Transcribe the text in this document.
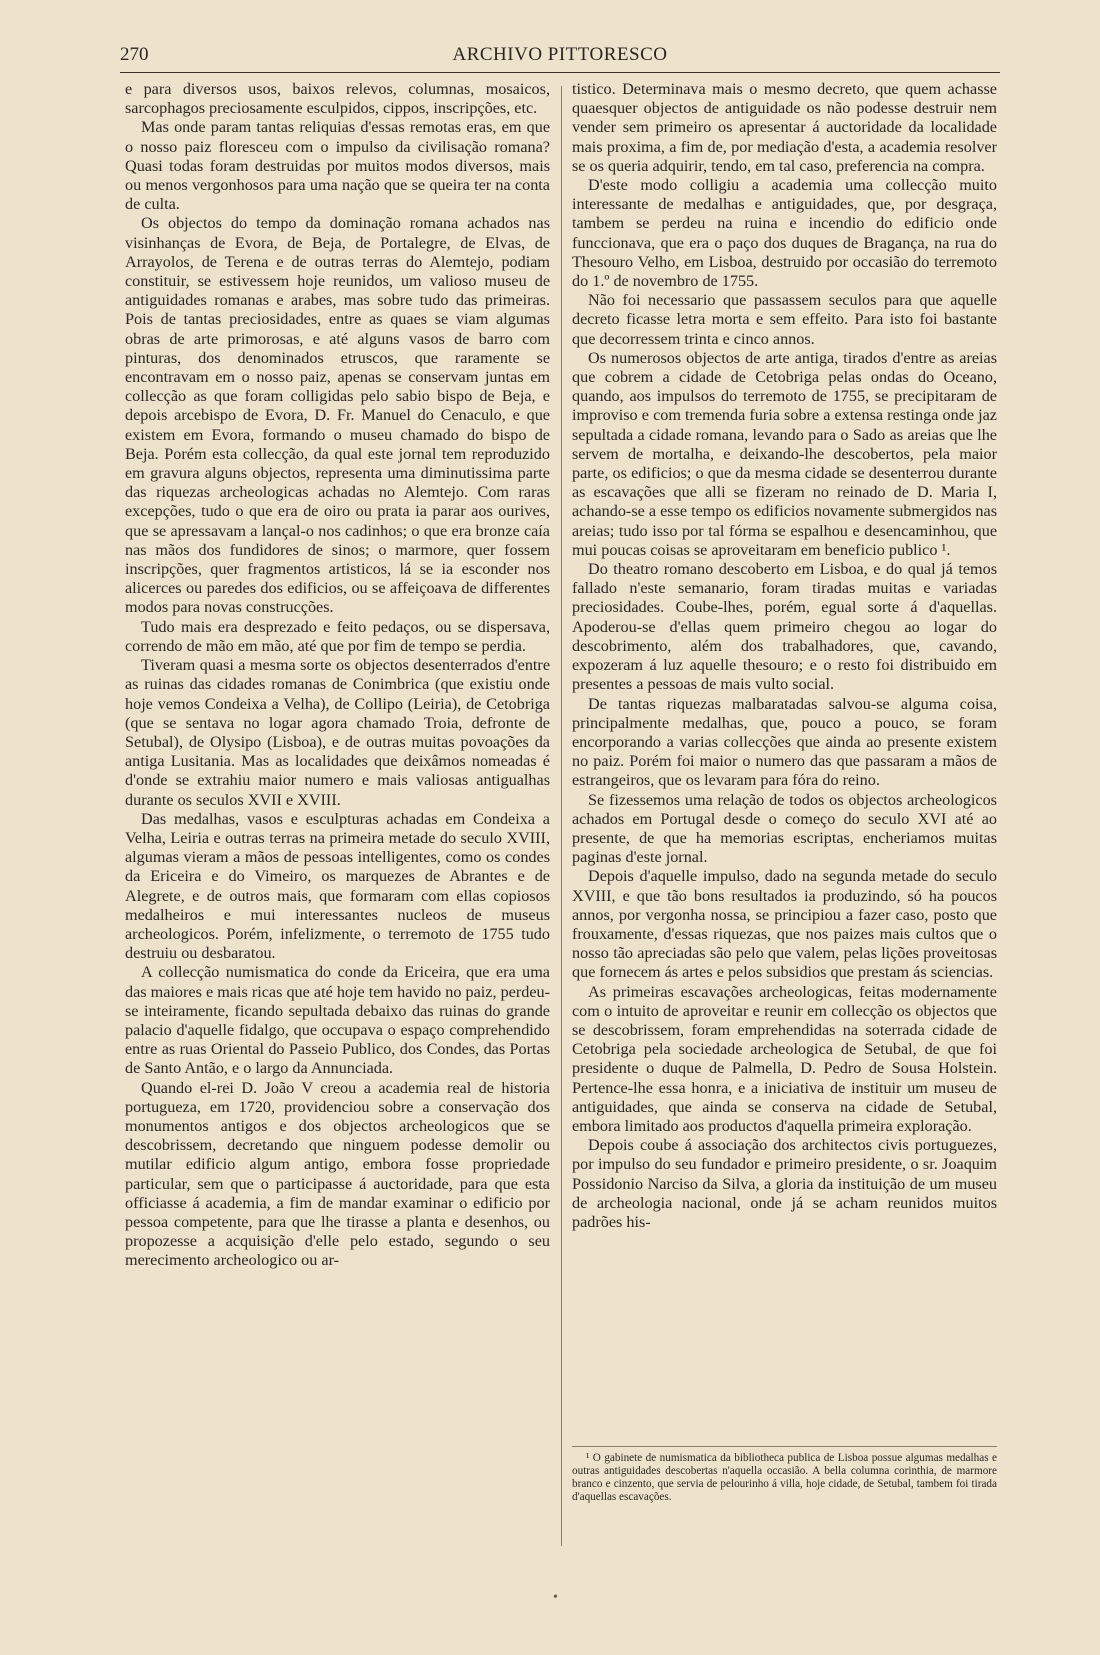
270	ARCHIVO PITTORESCO

e para diversos usos, baixos relevos, columnas, mosaicos, sarcophagos preciosamente esculpidos, cippos, inscripções, etc.

Mas onde param tantas reliquias d'essas remotas eras, em que o nosso paiz floresceu com o impulso da civilisação romana? Quasi todas foram destruidas por muitos modos diversos, mais ou menos vergonhosos para uma nação que se queira ter na conta de culta.

Os objectos do tempo da dominação romana achados nas visinhanças de Evora, de Beja, de Portalegre, de Elvas, de Arrayolos, de Terena e de outras terras do Alemtejo, podiam constituir, se estivessem hoje reunidos, um valioso museu de antiguidades romanas e arabes, mas sobre tudo das primeiras. Pois de tantas preciosidades, entre as quaes se viam algumas obras de arte primorosas, e até alguns vasos de barro com pinturas, dos denominados etruscos, que raramente se encontravam em o nosso paiz, apenas se conservam juntas em collecção as que foram colligidas pelo sabio bispo de Beja, e depois arcebispo de Evora, D. Fr. Manuel do Cenaculo, e que existem em Evora, formando o museu chamado do bispo de Beja. Porém esta collecção, da qual este jornal tem reproduzido em gravura alguns objectos, representa uma diminutissima parte das riquezas archeologicas achadas no Alemtejo. Com raras excepções, tudo o que era de oiro ou prata ia parar aos ourives, que se apressavam a lançal-o nos cadinhos; o que era bronze caía nas mãos dos fundidores de sinos; o marmore, quer fossem inscripções, quer fragmentos artisticos, lá se ia esconder nos alicerces ou paredes dos edificios, ou se affeiçoava de differentes modos para novas construcções.

Tudo mais era desprezado e feito pedaços, ou se dispersava, correndo de mão em mão, até que por fim de tempo se perdia.

Tiveram quasi a mesma sorte os objectos desenterrados d'entre as ruinas das cidades romanas de Conimbrica (que existiu onde hoje vemos Condeixa a Velha), de Collipo (Leiria), de Cetobriga (que se sentava no logar agora chamado Troia, defronte de Setubal), de Olysipo (Lisboa), e de outras muitas povoações da antiga Lusitania. Mas as localidades que deixâmos nomeadas é d'onde se extrahiu maior numero e mais valiosas antigualhas durante os seculos XVII e XVIII.

Das medalhas, vasos e esculpturas achadas em Condeixa a Velha, Leiria e outras terras na primeira metade do seculo XVIII, algumas vieram a mãos de pessoas intelligentes, como os condes da Ericeira e do Vimeiro, os marquezes de Abrantes e de Alegrete, e de outros mais, que formaram com ellas copiosos medalheiros e mui interessantes nucleos de museus archeologicos. Porém, infelizmente, o terremoto de 1755 tudo destruiu ou desbaratou.

A collecção numismatica do conde da Ericeira, que era uma das maiores e mais ricas que até hoje tem havido no paiz, perdeu-se inteiramente, ficando sepultada debaixo das ruinas do grande palacio d'aquelle fidalgo, que occupava o espaço comprehendido entre as ruas Oriental do Passeio Publico, dos Condes, das Portas de Santo Antão, e o largo da Annunciada.

Quando el-rei D. João V creou a academia real de historia portugueza, em 1720, providenciou sobre a conservação dos monumentos antigos e dos objectos archeologicos que se descobrissem, decretando que ninguem podesse demolir ou mutilar edificio algum antigo, embora fosse propriedade particular, sem que o participasse á auctoridade, para que esta officiasse á academia, a fim de mandar examinar o edificio por pessoa competente, para que lhe tirasse a planta e desenhos, ou propozesse a acquisição d'elle pelo estado, segundo o seu merecimento archeologico ou ar-

tistico. Determinava mais o mesmo decreto, que quem achasse quaesquer objectos de antiguidade os não podesse destruir nem vender sem primeiro os apresentar á auctoridade da localidade mais proxima, a fim de, por mediação d'esta, a academia resolver se os queria adquirir, tendo, em tal caso, preferencia na compra.

D'este modo colligiu a academia uma collecção muito interessante de medalhas e antiguidades, que, por desgraça, tambem se perdeu na ruina e incendio do edificio onde funccionava, que era o paço dos duques de Bragança, na rua do Thesouro Velho, em Lisboa, destruido por occasião do terremoto do 1.º de novembro de 1755.

Não foi necessario que passassem seculos para que aquelle decreto ficasse letra morta e sem effeito. Para isto foi bastante que decorressem trinta e cinco annos.

Os numerosos objectos de arte antiga, tirados d'entre as areias que cobrem a cidade de Cetobriga pelas ondas do Oceano, quando, aos impulsos do terremoto de 1755, se precipitaram de improviso e com tremenda furia sobre a extensa restinga onde jaz sepultada a cidade romana, levando para o Sado as areias que lhe servem de mortalha, e deixando-lhe descobertos, pela maior parte, os edificios; o que da mesma cidade se desenterrou durante as escavações que alli se fizeram no reinado de D. Maria I, achando-se a esse tempo os edificios novamente submergidos nas areias; tudo isso por tal fórma se espalhou e desencaminhou, que mui poucas coisas se aproveitaram em beneficio publico ¹.

Do theatro romano descoberto em Lisboa, e do qual já temos fallado n'este semanario, foram tiradas muitas e variadas preciosidades. Coube-lhes, porém, egual sorte á d'aquellas. Apoderou-se d'ellas quem primeiro chegou ao logar do descobrimento, além dos trabalhadores, que, cavando, expozeram á luz aquelle thesouro; e o resto foi distribuido em presentes a pessoas de mais vulto social.

De tantas riquezas malbaratadas salvou-se alguma coisa, principalmente medalhas, que, pouco a pouco, se foram encorporando a varias collecções que ainda ao presente existem no paiz. Porém foi maior o numero das que passaram a mãos de estrangeiros, que os levaram para fóra do reino.

Se fizessemos uma relação de todos os objectos archeologicos achados em Portugal desde o começo do seculo XVI até ao presente, de que ha memorias escriptas, encheriamos muitas paginas d'este jornal.

Depois d'aquelle impulso, dado na segunda metade do seculo XVIII, e que tão bons resultados ia produzindo, só ha poucos annos, por vergonha nossa, se principiou a fazer caso, posto que frouxamente, d'essas riquezas, que nos paizes mais cultos que o nosso tão apreciadas são pelo que valem, pelas lições proveitosas que fornecem ás artes e pelos subsidios que prestam ás sciencias.

As primeiras escavações archeologicas, feitas modernamente com o intuito de aproveitar e reunir em collecção os objectos que se descobrissem, foram emprehendidas na soterrada cidade de Cetobriga pela sociedade archeologica de Setubal, de que foi presidente o duque de Palmella, D. Pedro de Sousa Holstein. Pertence-lhe essa honra, e a iniciativa de instituir um museu de antiguidades, que ainda se conserva na cidade de Setubal, embora limitado aos productos d'aquella primeira exploração.

Depois coube á associação dos architectos civis portuguezes, por impulso do seu fundador e primeiro presidente, o sr. Joaquim Possidonio Narciso da Silva, a gloria da instituição de um museu de archeologia nacional, onde já se acham reunidos muitos padrões his-

¹ O gabinete de numismatica da bibliotheca publica de Lisboa possue algumas medalhas e outras antiguidades descobertas n'aquella occasião. A bella columna corinthia, de marmore branco e cinzento, que servia de pelourinho á villa, hoje cidade, de Setubal, tambem foi tirada d'aquellas escavações.

•
